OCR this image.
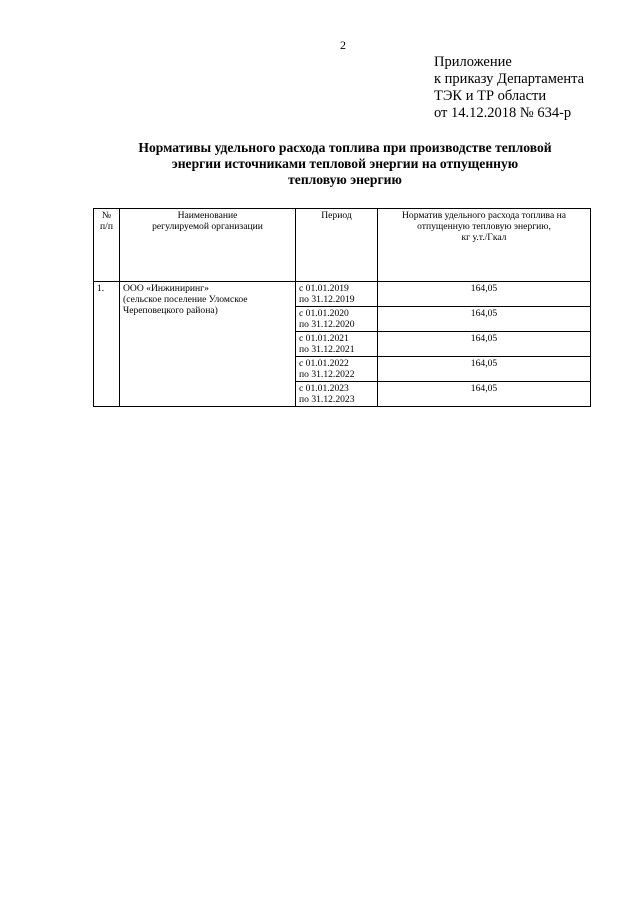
2
Приложение
к приказу Департамента
ТЭК и ТР области
от 14.12.2018 № 634-р
Нормативы удельного расхода топлива при производстве тепловой
энергии источниками тепловой энергии на отпущенную
тепловую энергию
№
п/п	Наименование
регулируемой организации	Период	Норматив удельного расхода топлива на
отпущенную тепловую энергию,
кг у.т./Гкал

1.	ООО «Инжиниринг»
(сельское поселение Уломское
Череповецкого района)	с 01.01.2019
по 31.12.2019	164,05

		с 01.01.2020
по 31.12.2020	164,05

		с 01.01.2021
по 31.12.2021	164,05

		с 01.01.2022
по 31.12.2022	164,05

		с 01.01.2023
по 31.12.2023	164,05
